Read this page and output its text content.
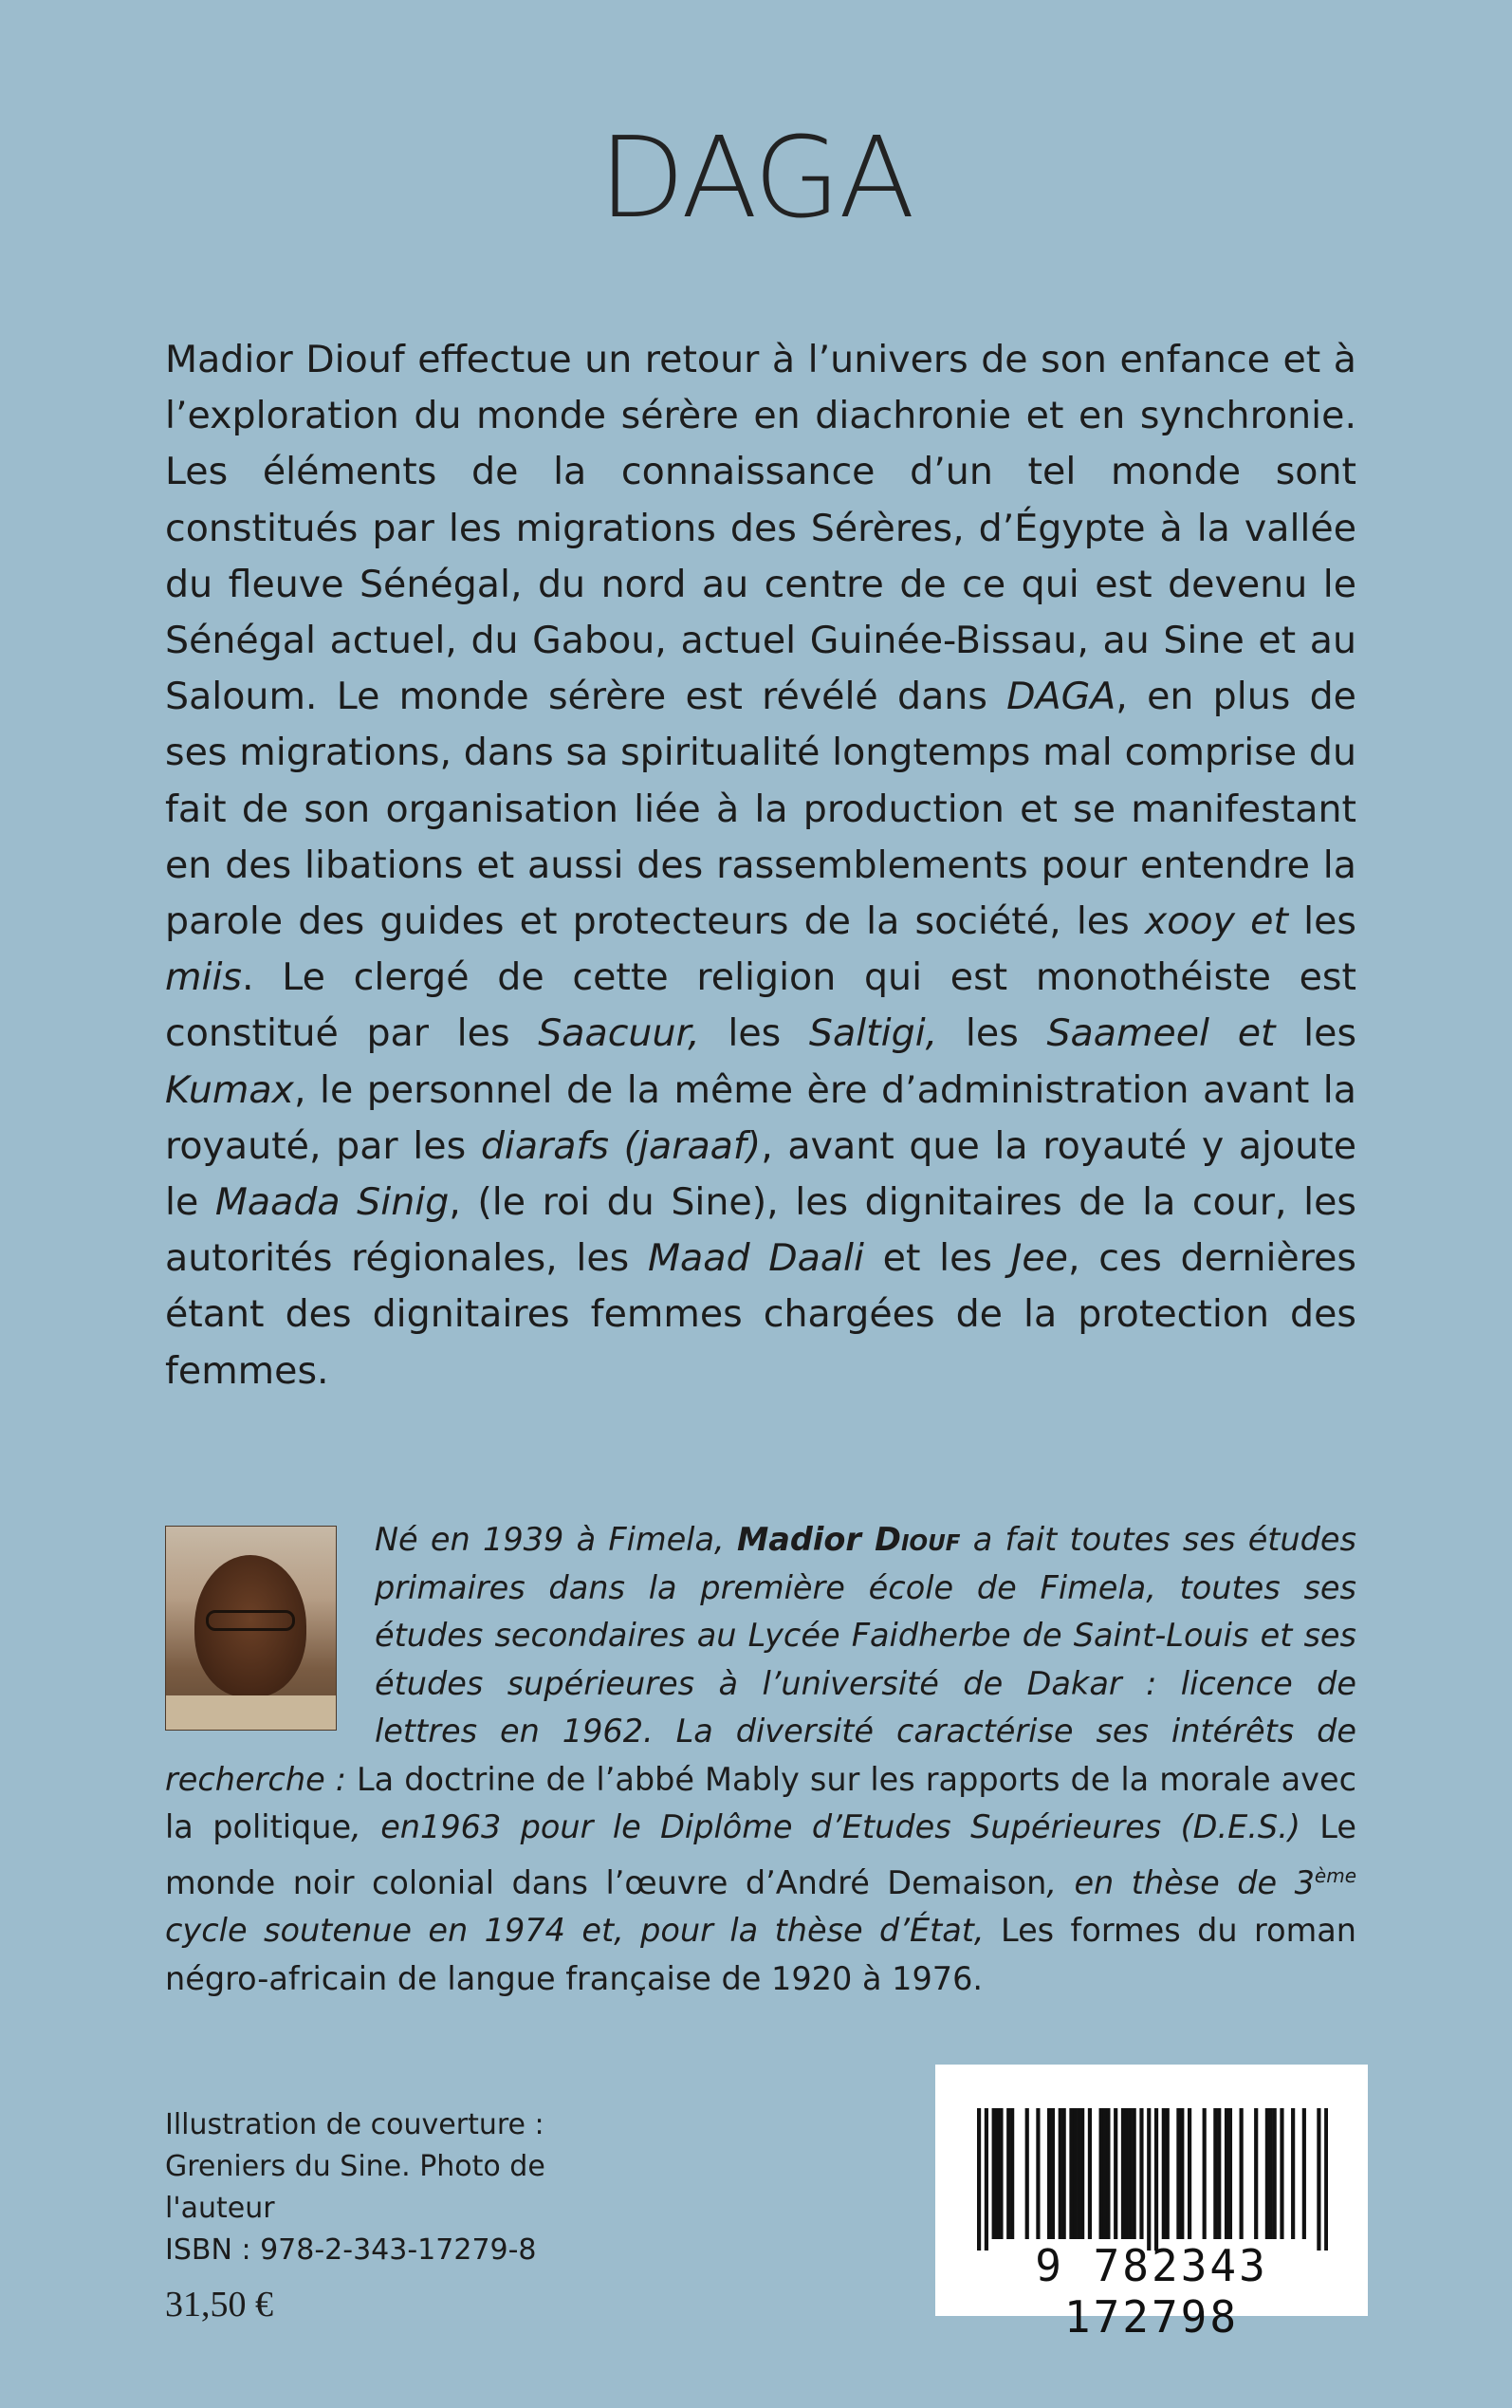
DAGA

Madior Diouf effectue un retour à l’univers de son enfance et à l’exploration du monde sérère en diachronie et en synchronie. Les éléments de la connaissance d’un tel monde sont constitués par les migrations des Sérères, d’Égypte à la vallée du fleuve Sénégal, du nord au centre de ce qui est devenu le Sénégal actuel, du Gabou, actuel Guinée-Bissau, au Sine et au Saloum. Le monde sérère est révélé dans DAGA, en plus de ses migrations, dans sa spiritualité longtemps mal comprise du fait de son organisation liée à la production et se manifestant en des libations et aussi des rassemblements pour entendre la parole des guides et protecteurs de la société, les xooy et les miis. Le clergé de cette religion qui est monothéiste est constitué par les Saacuur, les Saltigi, les Saameel et les Kumax, le personnel de la même ère d’administration avant la royauté, par les diarafs (jaraaf), avant que la royauté y ajoute le Maada Sinig, (le roi du Sine), les dignitaires de la cour, les autorités régionales, les Maad Daali et les Jee, ces dernières étant des dignitaires femmes chargées de la protection des femmes.

Né en 1939 à Fimela, Madior Diouf a fait toutes ses études primaires dans la première école de Fimela, toutes ses études secondaires au Lycée Faidherbe de Saint-Louis et ses études supérieures à l’université de Dakar : licence de lettres en 1962. La diversité caractérise ses intérêts de recherche : La doctrine de l’abbé Mably sur les rapports de la morale avec la politique, en1963 pour le Diplôme d’Etudes Supérieures (D.E.S.) Le monde noir colonial dans l’œuvre d’André Demaison, en thèse de 3ème cycle soutenue en 1974 et, pour la thèse d’État, Les formes du roman négro-africain de langue française de 1920 à 1976.

Illustration de couverture : Greniers du Sine. Photo de l'auteur
ISBN : 978-2-343-17279-8
31,50 €
9 782343 172798
